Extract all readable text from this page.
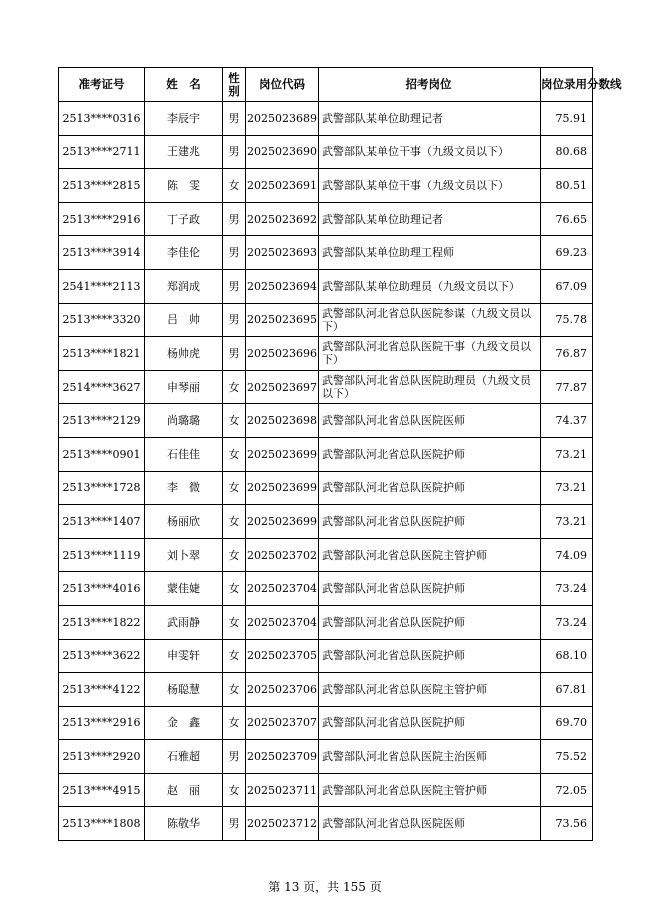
准考证号	姓　名	性别	岗位代码	招考岗位	岗位录用分数线
2513****0316	李辰宇	男	2025023689	武警部队某单位助理记者	75.91
2513****2711	王建兆	男	2025023690	武警部队某单位干事（九级文员以下）	80.68
2513****2815	陈　雯	女	2025023691	武警部队某单位干事（九级文员以下）	80.51
2513****2916	丁子政	男	2025023692	武警部队某单位助理记者	76.65
2513****3914	李佳伦	男	2025023693	武警部队某单位助理工程师	69.23
2541****2113	郑润成	男	2025023694	武警部队某单位助理员（九级文员以下）	67.09
2513****3320	吕　帅	男	2025023695	武警部队河北省总队医院参谋（九级文员以下）	75.78
2513****1821	杨帅虎	男	2025023696	武警部队河北省总队医院干事（九级文员以下）	76.87
2514****3627	申琴丽	女	2025023697	武警部队河北省总队医院助理员（九级文员以下）	77.87
2513****2129	尚璐璐	女	2025023698	武警部队河北省总队医院医师	74.37
2513****0901	石佳佳	女	2025023699	武警部队河北省总队医院护师	73.21
2513****1728	李　微	女	2025023699	武警部队河北省总队医院护师	73.21
2513****1407	杨丽欣	女	2025023699	武警部队河北省总队医院护师	73.21
2513****1119	刘卜翠	女	2025023702	武警部队河北省总队医院主管护师	74.09
2513****4016	蒙佳婕	女	2025023704	武警部队河北省总队医院护师	73.24
2513****1822	武雨静	女	2025023704	武警部队河北省总队医院护师	73.24
2513****3622	申雯轩	女	2025023705	武警部队河北省总队医院护师	68.10
2513****4122	杨聪慧	女	2025023706	武警部队河北省总队医院主管护师	67.81
2513****2916	金　鑫	女	2025023707	武警部队河北省总队医院护师	69.70
2513****2920	石雅超	男	2025023709	武警部队河北省总队医院主治医师	75.52
2513****4915	赵　丽	女	2025023711	武警部队河北省总队医院主管护师	72.05
2513****1808	陈敬华	男	2025023712	武警部队河北省总队医院医师	73.56
第 13 页，共 155 页
